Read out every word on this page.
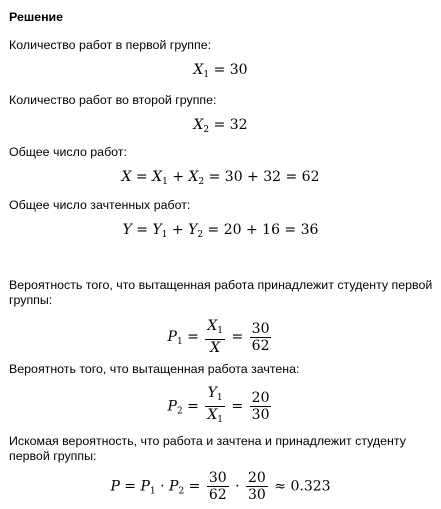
Решение
Количество работ в первой группе:
$X_1 = 30$
Количество работ во второй группе:
$X_2 = 32$
Общее число работ:
$X = X_1 + X_2 = 30 + 32 = 62$
Общее число зачтенных работ:
$Y = Y_1 + Y_2 = 20 + 16 = 36$
Вероятность того, что вытащенная работа принадлежит студенту первой группы:
$P_1 = \frac{X_1}{X} = \frac{30}{62}$
Вероятноть того, что вытащенная работа зачтена:
$P_2 = \frac{Y_1}{X_1} = \frac{20}{30}$
Искомая вероятность, что работа и зачтена и принадлежит студенту первой группы:
$P = P_1 \cdot P_2 = \frac{30}{62} \cdot \frac{20}{30} \approx 0.323$
